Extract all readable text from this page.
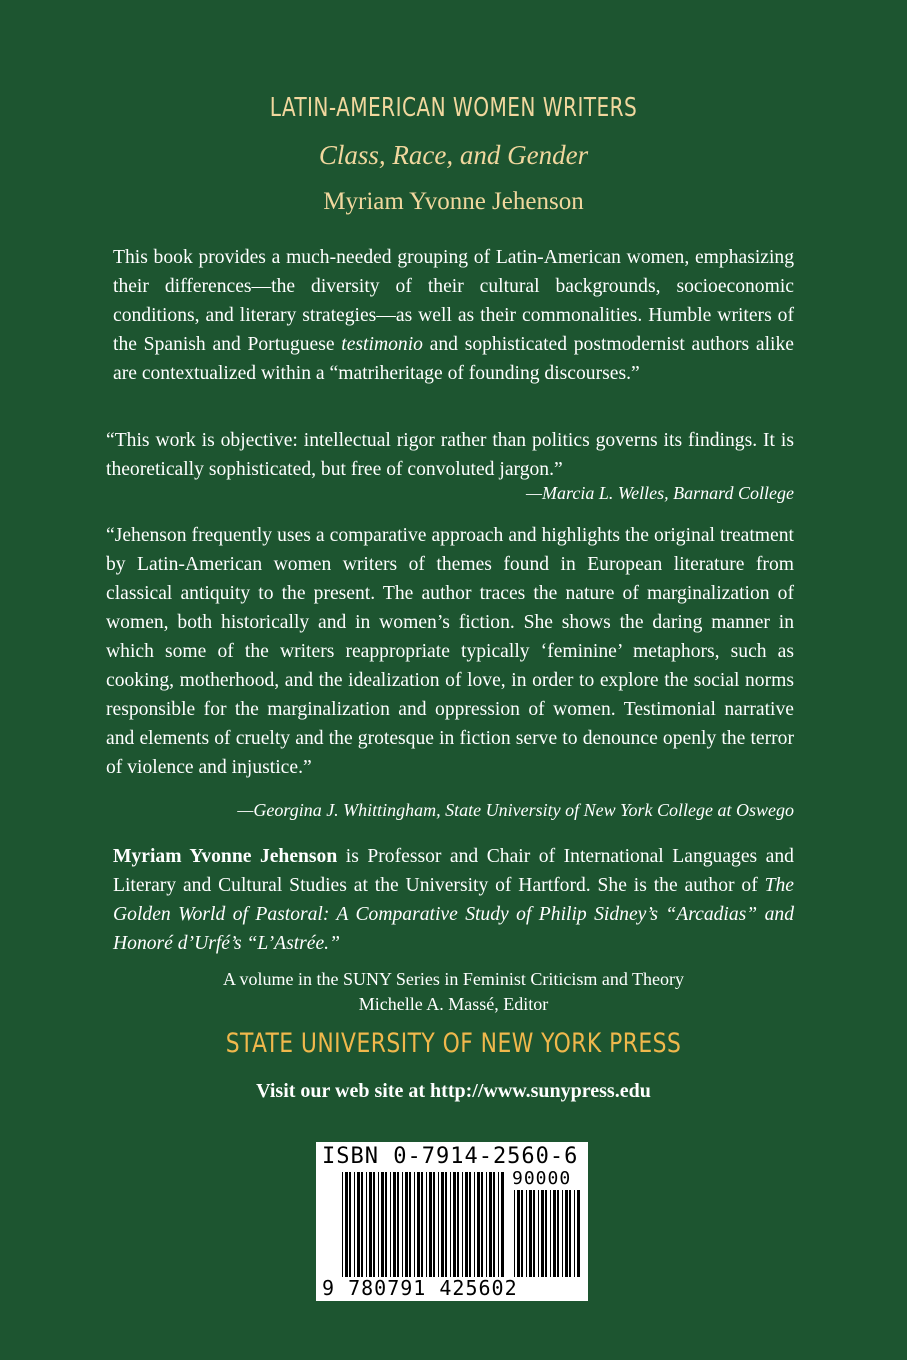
LATIN-AMERICAN WOMEN WRITERS
Class, Race, and Gender
Myriam Yvonne Jehenson
This book provides a much-needed grouping of Latin-American women, emphasizing their differences—the diversity of their cultural backgrounds, socioeconomic conditions, and literary strategies—as well as their commonalities. Humble writers of the Spanish and Portuguese testimonio and sophisticated postmodernist authors alike are contextualized within a “matriheritage of founding discourses.”
“This work is objective: intellectual rigor rather than politics governs its findings. It is theoretically sophisticated, but free of convoluted jargon.”
—Marcia L. Welles, Barnard College
“Jehenson frequently uses a comparative approach and highlights the original treatment by Latin-American women writers of themes found in European literature from classical antiquity to the present. The author traces the nature of marginalization of women, both historically and in women’s fiction. She shows the daring manner in which some of the writers reappropriate typically ‘feminine’ metaphors, such as cooking, motherhood, and the idealization of love, in order to explore the social norms responsible for the marginalization and oppression of women. Testimonial narrative and elements of cruelty and the grotesque in fiction serve to denounce openly the terror of violence and injustice.”
—Georgina J. Whittingham, State University of New York College at Oswego
Myriam Yvonne Jehenson is Professor and Chair of International Languages and Literary and Cultural Studies at the University of Hartford. She is the author of The Golden World of Pastoral: A Comparative Study of Philip Sidney’s “Arcadias” and Honoré d’Urfé’s “L’Astrée.”
A volume in the SUNY Series in Feminist Criticism and Theory
Michelle A. Massé, Editor
STATE UNIVERSITY OF NEW YORK PRESS
Visit our web site at http://www.sunypress.edu
ISBN 0-7914-2560-6
90000
9 780791 425602
